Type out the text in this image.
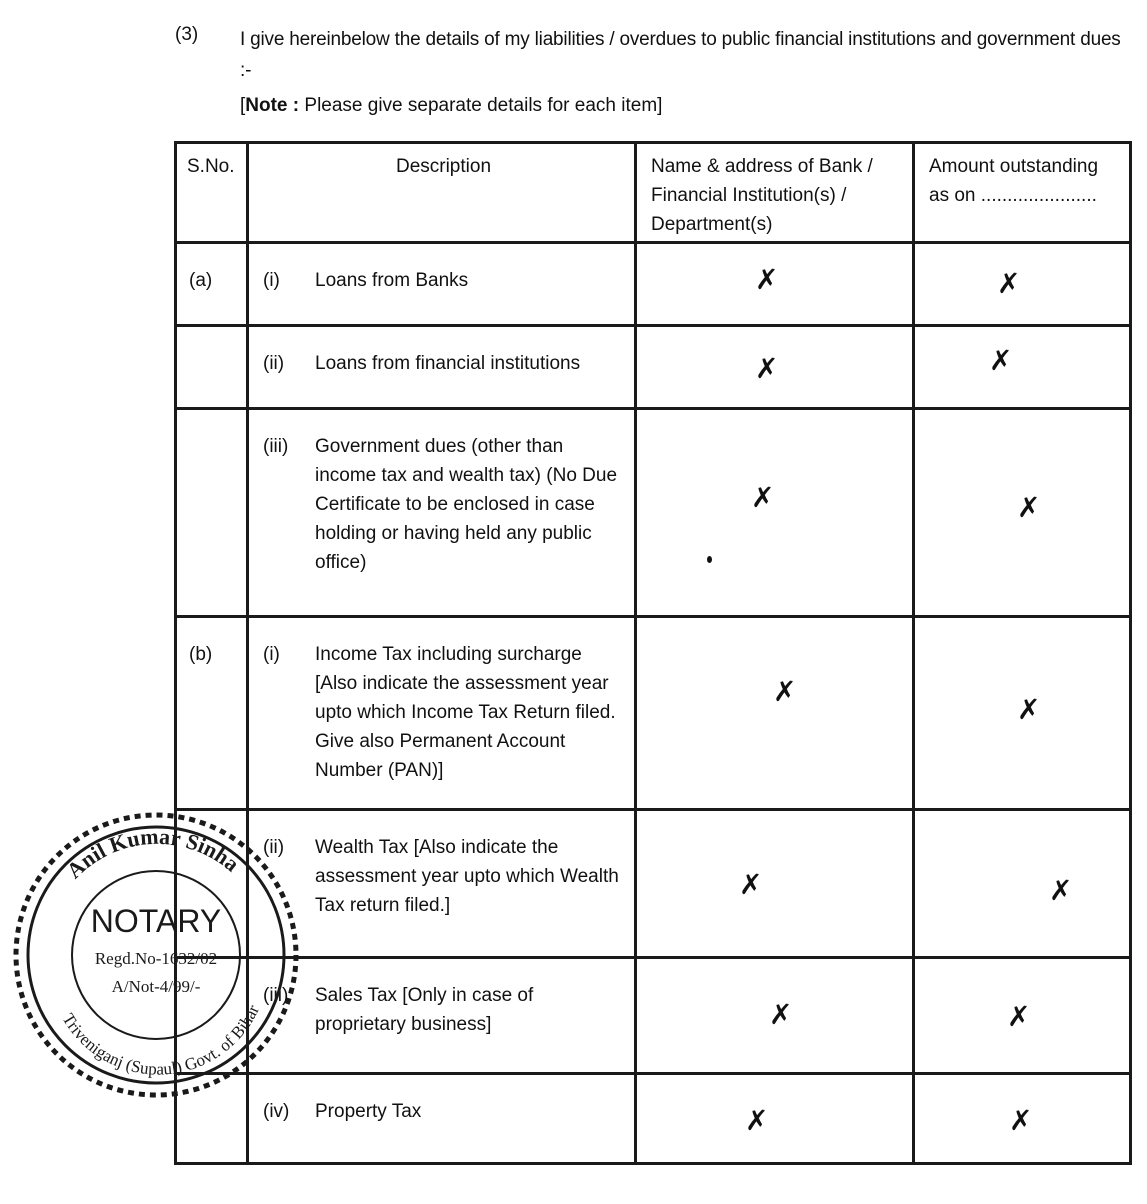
(3) I give hereinbelow the details of my liabilities / overdues to public financial institutions and government dues :-
[Note : Please give separate details for each item]
S.No.	Description	Name & address of Bank / Financial Institution(s) / Department(s)	Amount outstanding as on ......................

(a)	(i) Loans from Banks	✗	✗

	(ii) Loans from financial institutions	✗	✗

	(iii) Government dues (other than income tax and wealth tax) (No Due Certificate to be enclosed in case holding or having held any public office)	✗	✗

(b)	(i) Income Tax including surcharge [Also indicate the assessment year upto which Income Tax Return filed. Give also Permanent Account Number (PAN)]	✗	✗

	(ii) Wealth Tax [Also indicate the assessment year upto which Wealth Tax return filed.]	✗	✗

	(iii) Sales Tax [Only in case of proprietary business]	✗	✗

	(iv) Property Tax	✗	✗
Anil Kumar Sinha
Triveniganj (Supaul) Govt. of Bihar
NOTARY
Regd.No-1632/02
A/Not-4/99/-
